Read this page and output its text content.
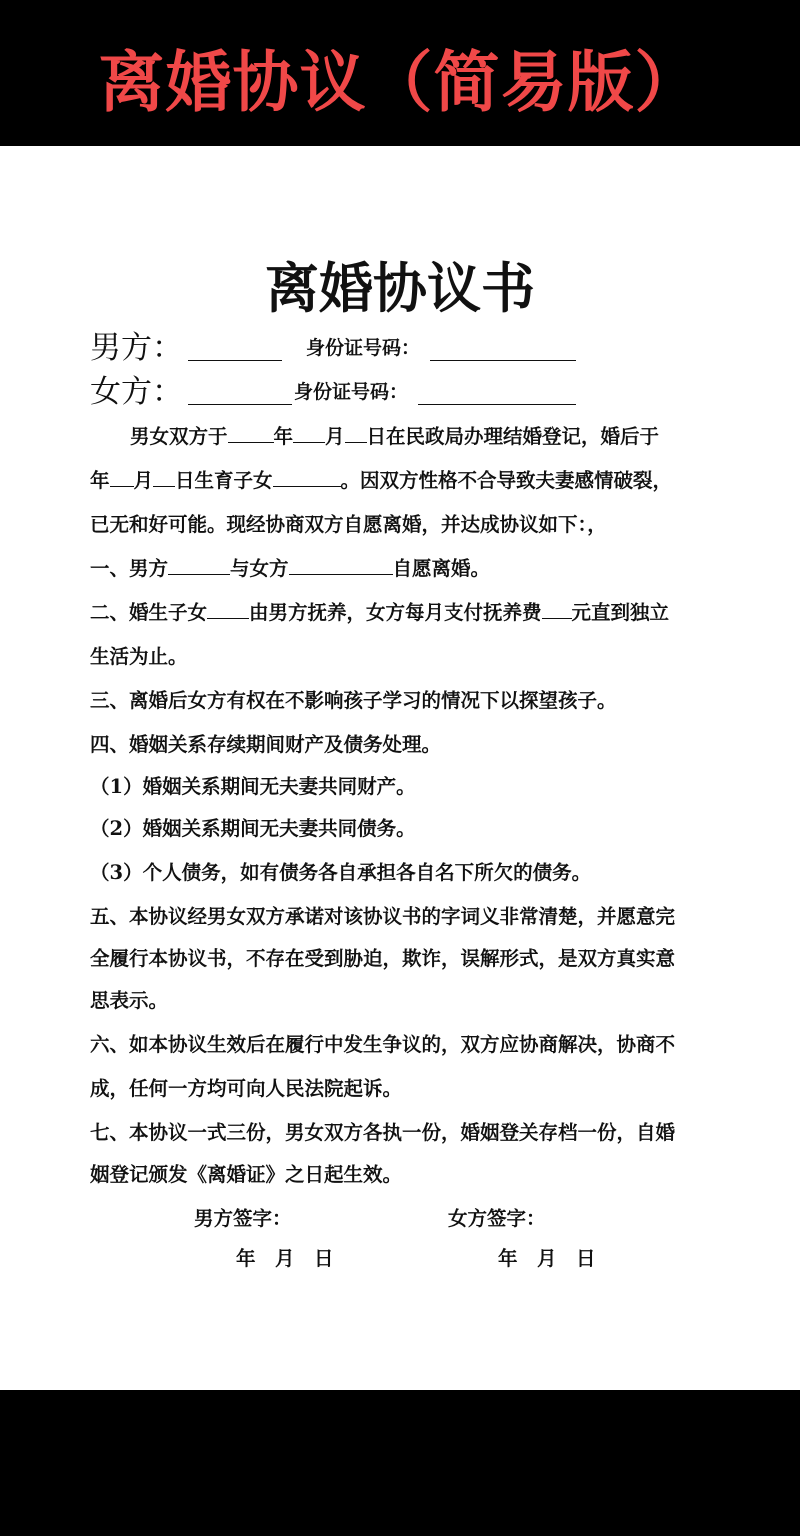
离婚协议（简易版）
离婚协议书
男方：	身份证号码：
女方：	身份证号码：
男女双方于 年 月 日在民政局办理结婚登记，婚后于
年 月 日生育子女	。因双方性格不合导致夫妻感情破裂，
已无和好可能。现经协商双方自愿离婚，并达成协议如下：，
一、男方	与女方	自愿离婚。
二、婚生子女 由男方抚养，女方每月支付抚养费 元直到独立
生活为止。
三、离婚后女方有权在不影响孩子学习的情况下以探望孩子。
四、婚姻关系存续期间财产及债务处理。
（1）婚姻关系期间无夫妻共同财产。
（2）婚姻关系期间无夫妻共同债务。
（3）个人债务，如有债务各自承担各自名下所欠的债务。
五、本协议经男女双方承诺对该协议书的字词义非常清楚，并愿意完
全履行本协议书，不存在受到胁迫，欺诈，误解形式，是双方真实意
思表示。
六、如本协议生效后在履行中发生争议的，双方应协商解决，协商不
成，任何一方均可向人民法院起诉。
七、本协议一式三份，男女双方各执一份，婚姻登关存档一份，自婚
姻登记颁发《离婚证》之日起生效。
男方签字：	女方签字：
年　月　日	年　月　日
